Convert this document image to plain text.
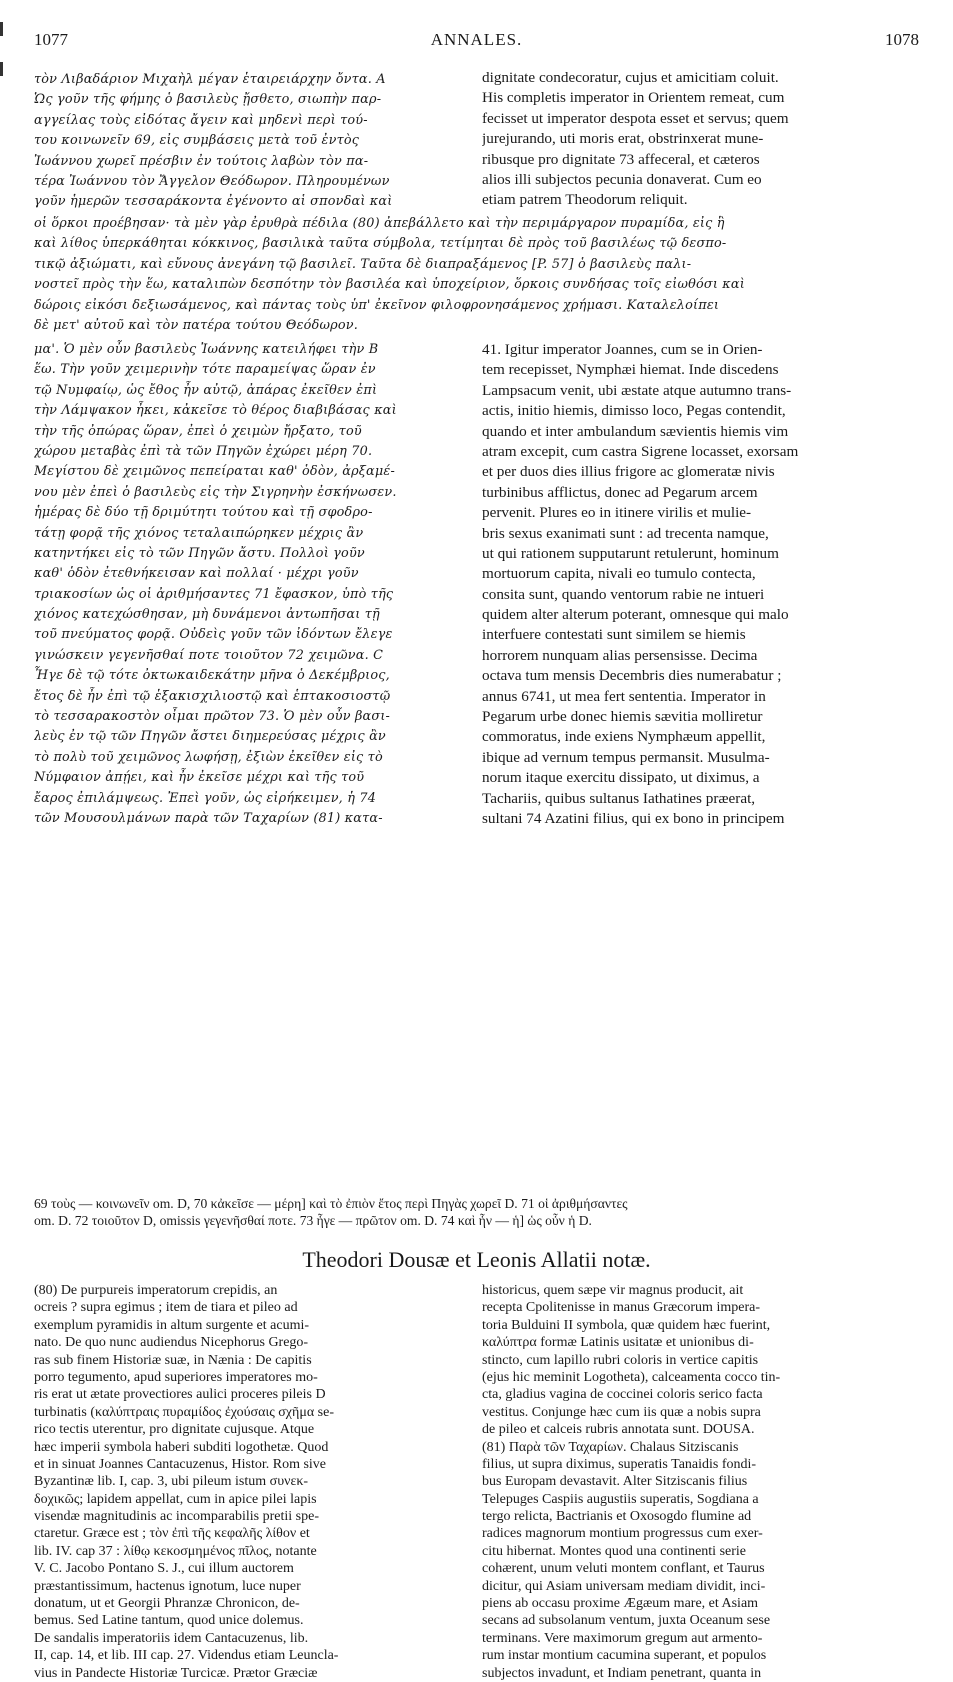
1077	ANNALES.	1078
τὸν Λιβαδάριον Μιχαὴλ μέγαν ἑταιρειάρχην ὄντα. A
Ὡς γοῦν τῆς φήμης ὁ βασιλεὺς ᾔσθετο, σιωπὴν παρ-
αγγείλας τοὺς εἰδότας ἄγειν καὶ μηδενὶ περὶ τού-
του κοινωνεῖν 69, εἰς συμβάσεις μετὰ τοῦ ἐντὸς
Ἰωάννου χωρεῖ πρέσβιν ἐν τούτοις λαβὼν τὸν πα-
τέρα Ἰωάννου τὸν Ἄγγελον Θεόδωρον. Πληρουμένων
γοῦν ἡμερῶν τεσσαράκοντα ἐγένοντο αἱ σπονδαὶ καὶ
dignitate condecoratur, cujus et amicitiam coluit.
His completis imperator in Orientem remeat, cum
fecisset ut imperator despota esset et servus; quem
jurejurando, uti moris erat, obstrinxerat mune-
ribusque pro dignitate 73 affeceral, et cæteros
alios illi subjectos pecunia donaverat. Cum eo
etiam patrem Theodorum reliquit.
οἱ ὅρκοι προέβησαν· τὰ μὲν γὰρ ἐρυθρὰ πέδιλα (80) ἀπεβάλλετο καὶ τὴν περιμάργαρον πυραμίδα, εἰς ἣ
καὶ λίθος ὑπερκάθηται κόκκινος, βασιλικὰ ταῦτα σύμβολα, τετίμηται δὲ πρὸς τοῦ βασιλέως τῷ δεσπο-
τικῷ ἀξιώματι, καὶ εὔνους ἀνεγάνη τῷ βασιλεῖ. Ταῦτα δὲ διαπραξάμενος [P. 57] ὁ βασιλεὺς παλι-
νοστεῖ πρὸς τὴν ἕω, καταλιπὼν δεσπότην τὸν βασιλέα καὶ ὑποχείριον, ὅρκοις συνδήσας τοῖς εἰωθόσι καὶ
δώροις εἰκόσι δεξιωσάμενος, καὶ πάντας τοὺς ὑπ' ἐκεῖνον φιλοφρονησάμενος χρήμασι. Καταλελοίπει
δὲ μετ' αὐτοῦ καὶ τὸν πατέρα τούτου Θεόδωρον.
μα'. Ὁ μὲν οὖν βασιλεὺς Ἰωάννης κατειλήφει τὴν B
ἕω. Τὴν γοῦν χειμερινὴν τότε παραμείψας ὥραν ἐν
τῷ Νυμφαίῳ, ὡς ἔθος ἦν αὐτῷ, ἀπάρας ἐκεῖθεν ἐπὶ
τὴν Λάμψακον ἦκει, κἀκεῖσε τὸ θέρος διαβιβάσας καὶ
τὴν τῆς ὀπώρας ὥραν, ἐπεὶ ὁ χειμὼν ἤρξατο, τοῦ
χώρου μεταβὰς ἐπὶ τὰ τῶν Πηγῶν ἐχώρει μέρη 70.
Μεγίστου δὲ χειμῶνος πεπείραται καθ' ὁδὸν, ἀρξαμέ-
νου μὲν ἐπεὶ ὁ βασιλεὺς εἰς τὴν Σιγρηνὴν ἐσκήνωσεν.
ἡμέρας δὲ δύο τῇ δριμύτητι τούτου καὶ τῇ σφοδρο-
τάτῃ φορᾷ τῆς χιόνος τεταλαιπώρηκεν μέχρις ἂν
κατηντήκει εἰς τὸ τῶν Πηγῶν ἄστυ. Πολλοὶ γοῦν
καθ' ὁδὸν ἐτεθνήκεισαν καὶ πολλαί · μέχρι γοῦν
τριακοσίων ὡς οἱ ἀριθμήσαντες 71 ἔφασκον, ὑπὸ τῆς
χιόνος κατεχώσθησαν, μὴ δυνάμενοι ἀντωπῆσαι τῇ
τοῦ πνεύματος φορᾷ. Οὐδεὶς γοῦν τῶν ἰδόντων ἔλεγε
γινώσκειν γεγενῆσθαί ποτε τοιοῦτον 72 χειμῶνα. C
Ἦγε δὲ τῷ τότε ὀκτωκαιδεκάτην μῆνα ὁ Δεκέμβριος,
ἔτος δὲ ἦν ἐπὶ τῷ ἑξακισχιλιοστῷ καὶ ἑπτακοσιοστῷ
τὸ τεσσαρακοστὸν οἶμαι πρῶτον 73. Ὁ μὲν οὖν βασι-
λεὺς ἐν τῷ τῶν Πηγῶν ἄστει διημερεύσας μέχρις ἂν
τὸ πολὺ τοῦ χειμῶνος λωφήσῃ, ἐξιὼν ἐκεῖθεν εἰς τὸ
Νύμφαιον ἀπῄει, καὶ ἦν ἐκεῖσε μέχρι καὶ τῆς τοῦ
ἔαρος ἐπιλάμψεως. Ἐπεὶ γοῦν, ὡς εἰρήκειμεν, ἡ 74
τῶν Μουσουλμάνων παρὰ τῶν Ταχαρίων (81) κατα-
41. Igitur imperator Joannes, cum se in Orien-
tem recepisset, Nymphæi hiemat. Inde discedens
Lampsacum venit, ubi æstate atque autumno trans-
actis, initio hiemis, dimisso loco, Pegas contendit,
quando et inter ambulandum sævientis hiemis vim
atram excepit, cum castra Sigrene locasset, exorsam
et per duos dies illius frigore ac glomeratæ nivis
turbinibus afflictus, donec ad Pegarum arcem
pervenit. Plures eo in itinere virilis et mulie-
bris sexus exanimati sunt : ad trecenta namque,
ut qui rationem supputarunt retulerunt, hominum
mortuorum capita, nivali eo tumulo contecta,
consita sunt, quando ventorum rabie ne intueri
quidem alter alterum poterant, omnesque qui malo
interfuere contestati sunt similem se hiemis
horrorem nunquam alias persensisse. Decima
octava tum mensis Decembris dies numerabatur ;
annus 6741, ut mea fert sententia. Imperator in
Pegarum urbe donec hiemis sævitia molliretur
commoratus, inde exiens Nymphæum appellit,
ibique ad vernum tempus permansit. Musulma-
norum itaque exercitu dissipato, ut diximus, a
Tachariis, quibus sultanus Iathatines præerat,
sultani 74 Azatini filius, qui ex bono in principem
69 τοὺς — κοινωνεῖν om. D, 70 κἀκεῖσε — μέρη] καὶ τὸ ἐπιὸν ἔτος περὶ Πηγὰς χωρεῖ D. 71 οἱ ἀριθμήσαντες
om. D. 72 τοιοῦτον D, omissis γεγενῆσθαί ποτε. 73 ἦγε — πρῶτον om. D. 74 καὶ ἦν — ἡ] ὡς οὖν ἡ D.
Theodori Dousæ et Leonis Allatii notæ.
(80) De purpureis imperatorum crepidis, an
ocreis ? supra egimus ; item de tiara et pileo ad
exemplum pyramidis in altum surgente et acumi-
nato. De quo nunc audiendus Nicephorus Grego-
ras sub finem Historiæ suæ, in Nænia : De capitis
porro tegumento, apud superiores imperatores mo-
ris erat ut ætate provectiores aulici proceres pileis D
turbinatis (καλύπτραις πυραμίδος ἐχούσαις σχῆμα se-
rico tectis uterentur, pro dignitate cujusque. Atque
hæc imperii symbola haberi subditi logothetæ. Quod
et in sinuat Joannes Cantacuzenus, Histor. Rom sive
Byzantinæ lib. I, cap. 3, ubi pileum istum συνεκ-
δοχικῶς; lapidem appellat, cum in apice pilei lapis
visendæ magnitudinis ac incomparabilis pretii spe-
ctaretur. Græce est ; τὸν ἐπὶ τῆς κεφαλῆς λίθον et
lib. IV. cap 37 : λίθῳ κεκοσμημένος πῖλος, notante
V. C. Jacobo Pontano S. J., cui illum auctorem
præstantissimum, hactenus ignotum, luce nuper
donatum, ut et Georgii Phranzæ Chronicon, de-
bemus. Sed Latine tantum, quod unice dolemus.
De sandalis imperatoriis idem Cantacuzenus, lib.
II, cap. 14, et lib. III cap. 27. Videndus etiam Leuncla-
vius in Pandecte Historiæ Turcicæ. Prætor Græciæ
historicus, quem sæpe vir magnus producit, ait
recepta Cpolitenisse in manus Græcorum impera-
toria Bulduini II symbola, quæ quidem hæc fuerint,
καλύπτρα formæ Latinis usitatæ et unionibus di-
stincto, cum lapillo rubri coloris in vertice capitis
(ejus hic meminit Logotheta), calceamenta cocco tin-
cta, gladius vagina de coccinei coloris serico facta
vestitus. Conjunge hæc cum iis quæ a nobis supra
de pileo et calceis rubris annotata sunt. DOUSA.
(81) Παρὰ τῶν Ταχαρίων. Chalaus Sitziscanis
filius, ut supra diximus, superatis Tanaidis fondi-
bus Europam devastavit. Alter Sitziscanis filius
Telepuges Caspiis augustiis superatis, Sogdiana a
tergo relicta, Bactrianis et Oxosogdo flumine ad
radices magnorum montium progressus cum exer-
citu hibernat. Montes quod una continenti serie
cohærent, unum veluti montem conflant, et Taurus
dicitur, qui Asiam universam mediam dividit, inci-
piens ab occasu proxime Ægæum mare, et Asiam
secans ad subsolanum ventum, juxta Oceanum sese
terminans. Vere maximorum gregum aut armento-
rum instar montium cacumina superant, et populos
subjectos invadunt, et Indiam penetrant, quanta in
